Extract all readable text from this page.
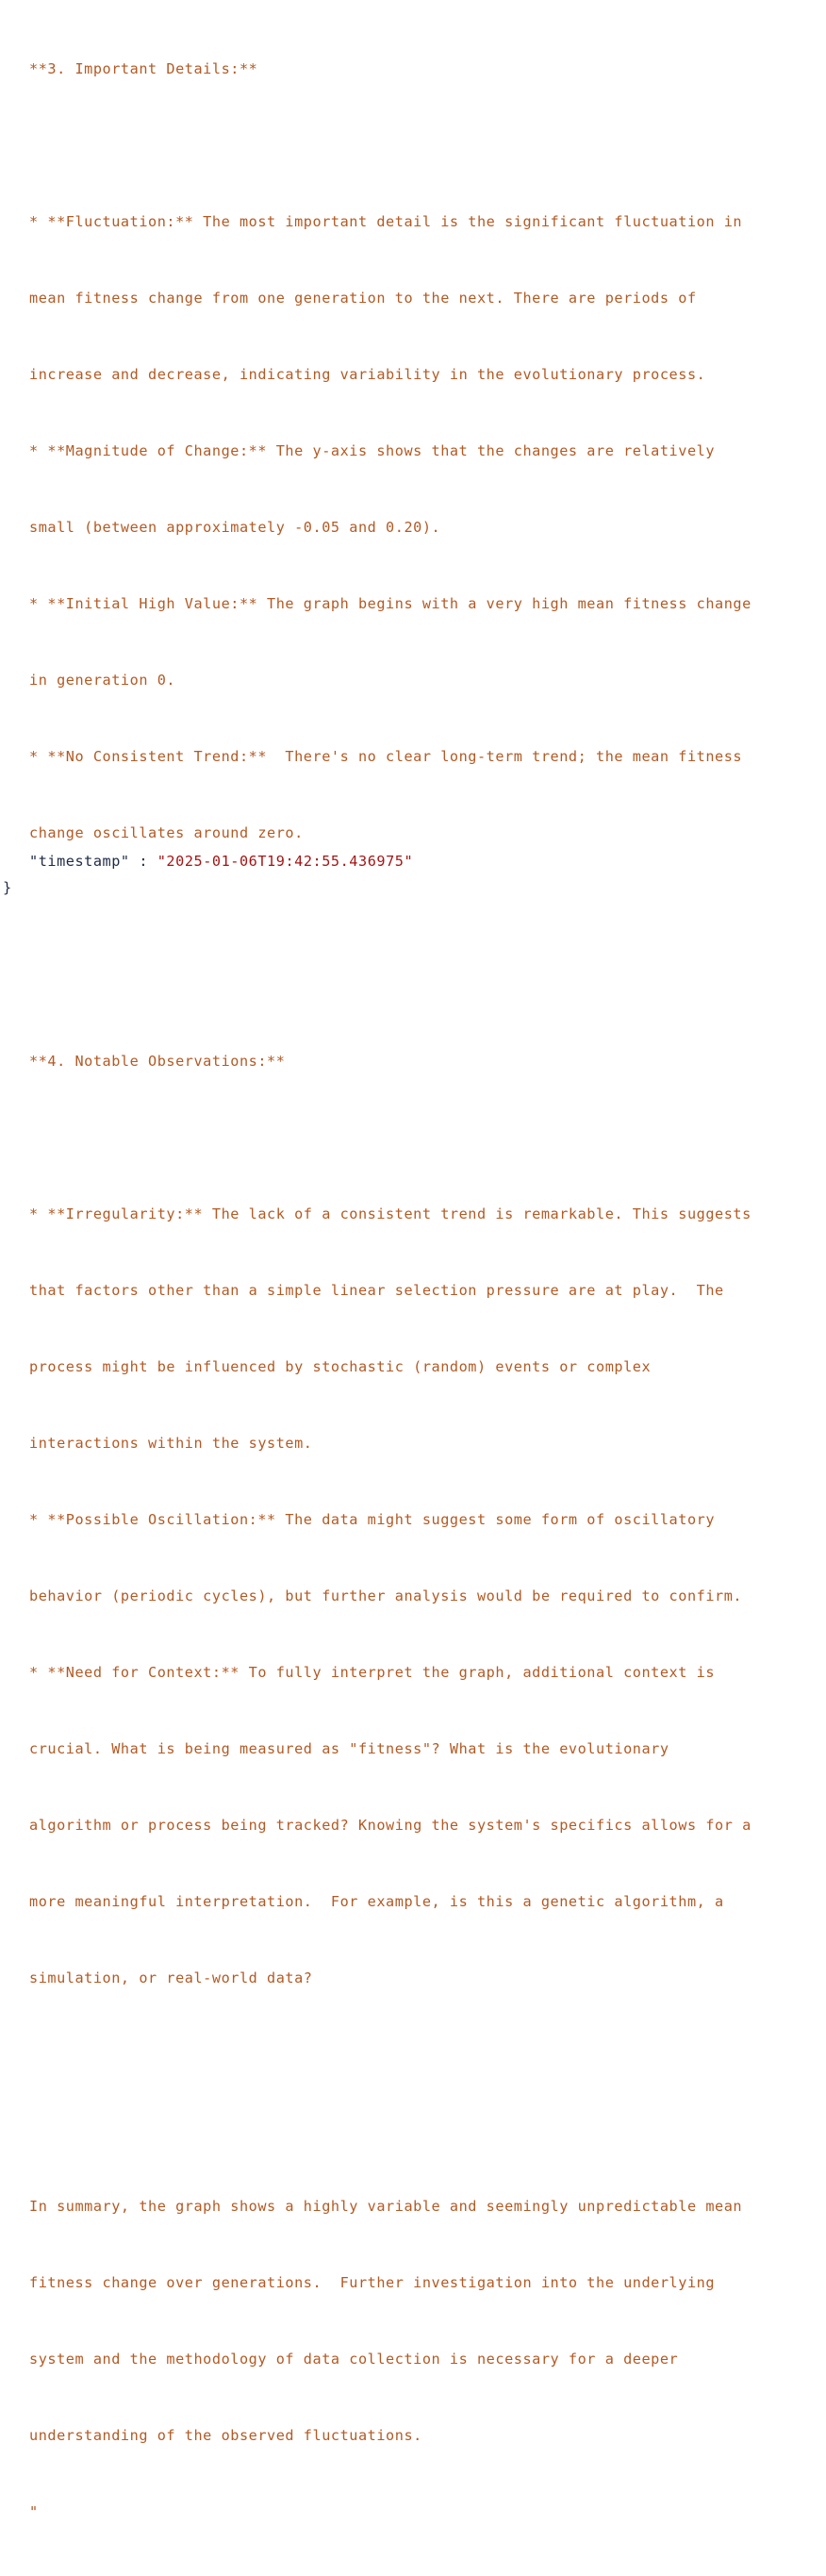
**3. Important Details:**

* **Fluctuation:** The most important detail is the significant fluctuation in

mean fitness change from one generation to the next. There are periods of

increase and decrease, indicating variability in the evolutionary process.

* **Magnitude of Change:** The y-axis shows that the changes are relatively

small (between approximately -0.05 and 0.20).

* **Initial High Value:** The graph begins with a very high mean fitness change

in generation 0.

* **No Consistent Trend:**  There's no clear long-term trend; the mean fitness

change oscillates around zero.

**4. Notable Observations:**

* **Irregularity:** The lack of a consistent trend is remarkable. This suggests

that factors other than a simple linear selection pressure are at play.  The

process might be influenced by stochastic (random) events or complex

interactions within the system.

* **Possible Oscillation:** The data might suggest some form of oscillatory

behavior (periodic cycles), but further analysis would be required to confirm.

* **Need for Context:** To fully interpret the graph, additional context is

crucial. What is being measured as "fitness"? What is the evolutionary

algorithm or process being tracked? Knowing the system's specifics allows for a

more meaningful interpretation.  For example, is this a genetic algorithm, a

simulation, or real-world data?

In summary, the graph shows a highly variable and seemingly unpredictable mean

fitness change over generations.  Further investigation into the underlying

system and the methodology of data collection is necessary for a deeper

understanding of the observed fluctuations.

"

"timestamp" : "2025-01-06T19:42:55.436975"
}
